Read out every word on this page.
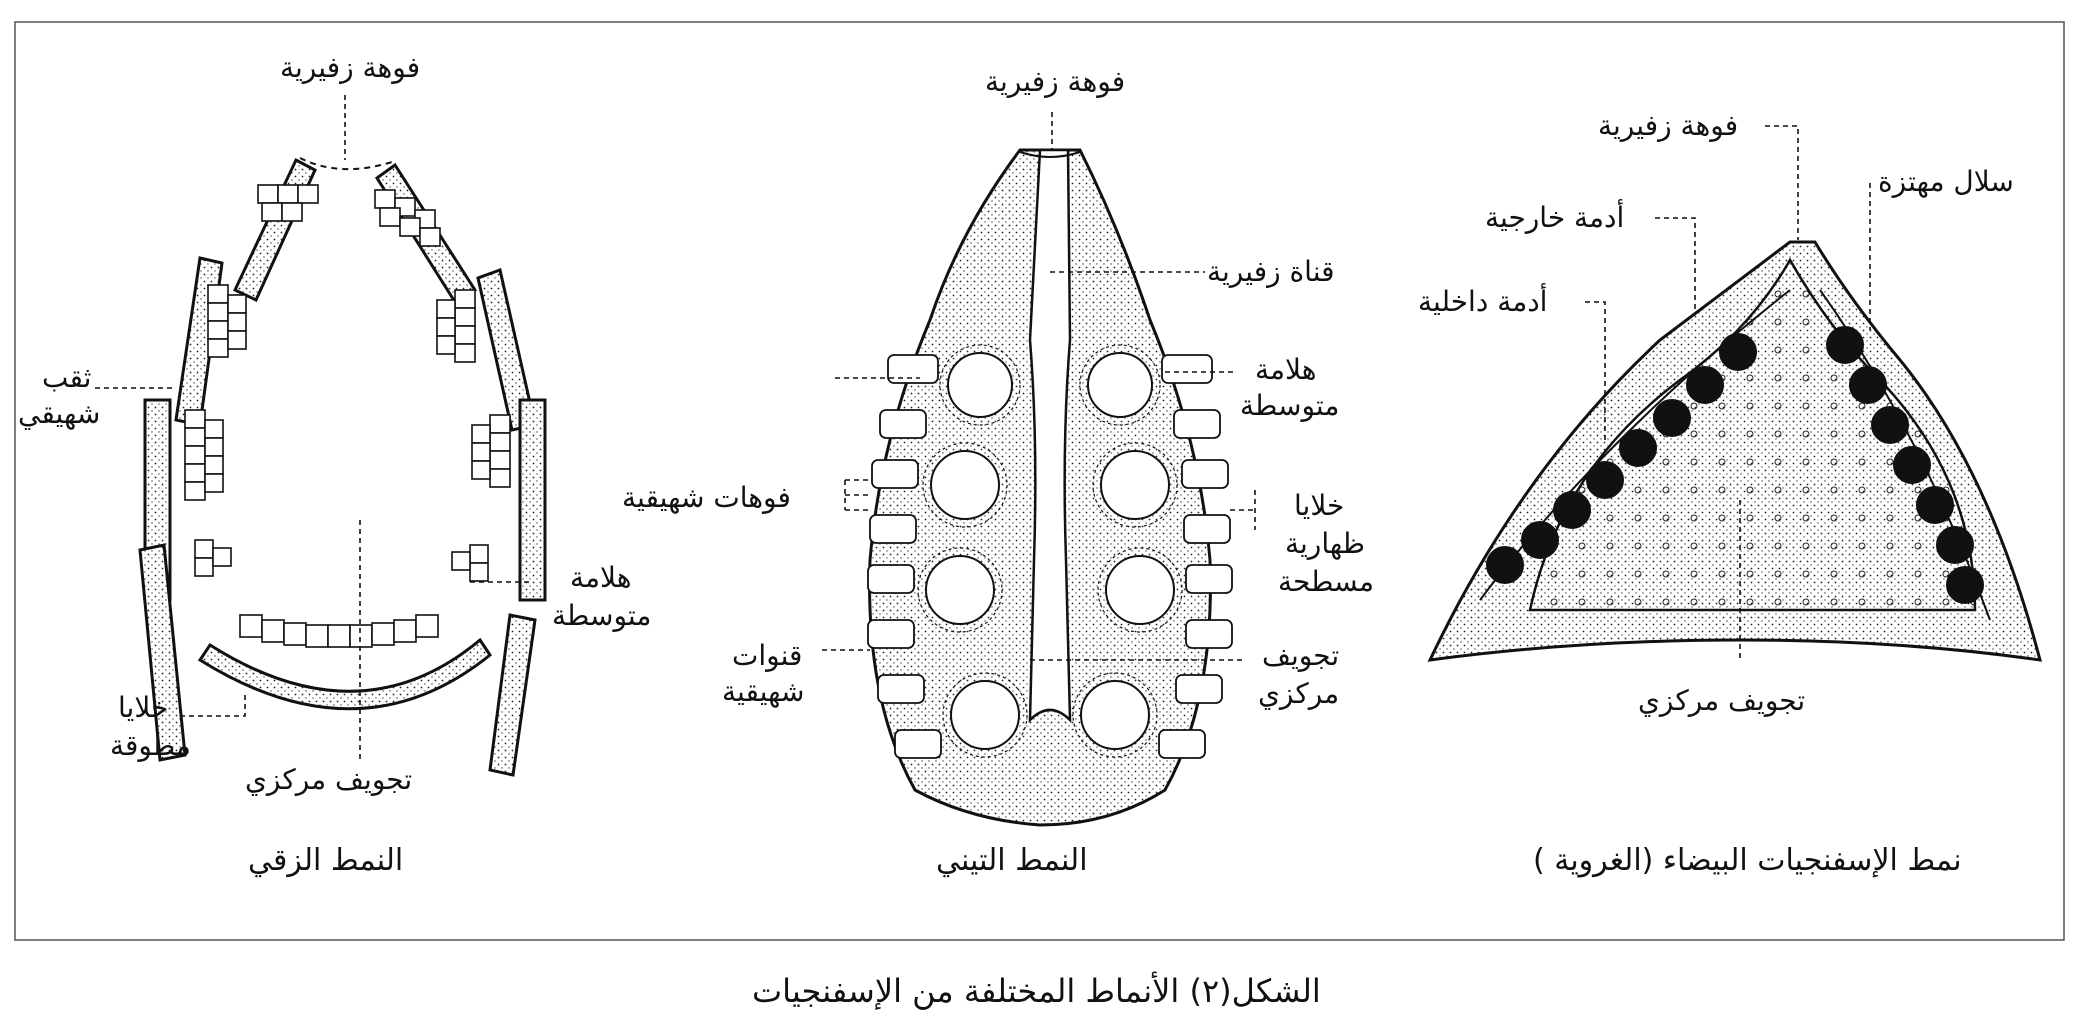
فوهة زفيرية
ثقب
شهيقي
هلامة
متوسطة
خلايا
مطوقة
تجويف مركزي
النمط الزقي
فوهة زفيرية
قناة زفيرية
هلامة
متوسطة
فوهات شهيقية	خلايا
ظهارية
مسطحة
قنوات
شهيقية
تجويف
مركزي
النمط التيني
فوهة زفيرية
سلال مهتزة
أدمة خارجية
أدمة داخلية
تجويف مركزي
نمط الإسفنجيات البيضاء (الغروية )
الشكل(٢) الأنماط المختلفة من الإسفنجيات
